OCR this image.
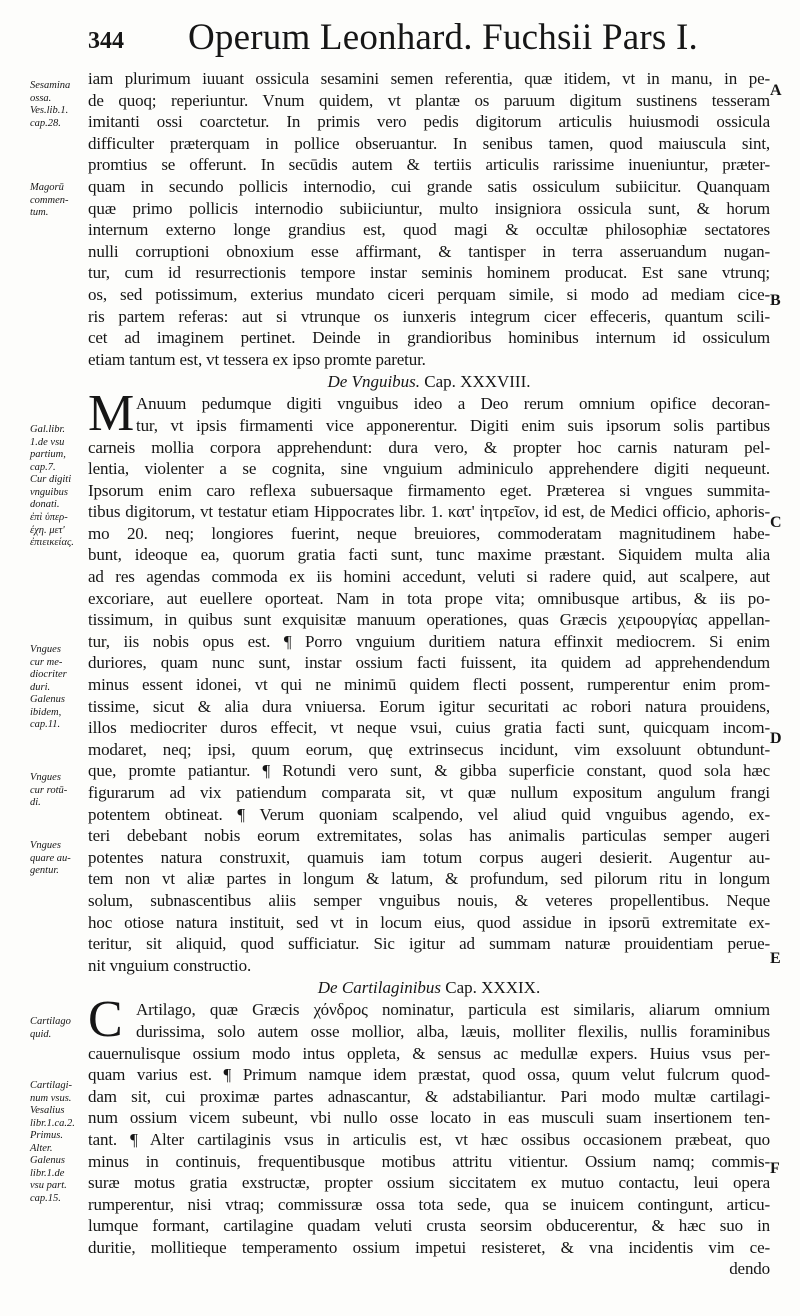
344 Operum Leonhard. Fuchsii Pars I.
Sesamina
ossa.
Ves.lib.1.
cap.28.
Magorū
commen-
tum.
Gal.libr.
1.de vsu
partium,
cap.7.
Cur digiti
vnguibus
donati.
ἐπὶ ὑπερ-
έχη. μετ'
ἐπιεικείας.
Vngues
cur me-
diocriter
duri.
Galenus
ibidem,
cap.11.
Vngues
cur rotū-
di.
Vngues
quare au-
gentur.
Cartilago
quid.
Cartilagi-
num vsus.
Vesalius
libr.1.ca.2.
Primus.
Alter.
Galenus
libr.1.de
vsu part.
cap.15.
A
B
C
D
E
F
iam plurimum iuuant ossicula sesamini semen referentia, quæ itidem, vt in manu, in pe-
de quoq; reperiuntur. Vnum quidem, vt plantæ os paruum digitum sustinens tesseram
imitanti ossi coarctetur. In primis vero pedis digitorum articulis huiusmodi ossicula
difficulter præterquam in pollice obseruantur. In senibus tamen, quod maiuscula sint,
promtius se offerunt. In secūdis autem & tertiis articulis rarissime inueniuntur, præter-
quam in secundo pollicis internodio, cui grande satis ossiculum subiicitur. Quanquam
quæ primo pollicis internodio subiiciuntur, multo insigniora ossicula sunt, & horum
internum externo longe grandius est, quod magi & occultæ philosophiæ sectatores
nulli corruptioni obnoxium esse affirmant, & tantisper in terra asseruandum nugan-
tur, cum id resurrectionis tempore instar seminis hominem producat. Est sane vtrunq;
os, sed potissimum, exterius mundato ciceri perquam simile, si modo ad mediam cice-
ris partem referas: aut si vtrunque os iunxeris integrum cicer effeceris, quantum scili-
cet ad imaginem pertinet. Deinde in grandioribus hominibus internum id ossiculum
etiam tantum est, vt tessera ex ipso promte paretur.
De Vnguibus. Cap. XXXVIII.
M Anuum pedumque digiti vnguibus ideo a Deo rerum omnium opifice decoran-
tur, vt ipsis firmamenti vice apponerentur. Digiti enim suis ipsorum solis partibus
carneis mollia corpora apprehendunt: dura vero, & propter hoc carnis naturam pel-
lentia, violenter a se cognita, sine vnguium adminiculo apprehendere digiti nequeunt.
Ipsorum enim caro reflexa subuersaque firmamento eget. Præterea si vngues summita-
tibus digitorum, vt testatur etiam Hippocrates libr. 1. κατ' ἰητρεῖον, id est, de Medici officio, aphoris-
mo 20. neq; longiores fuerint, neque breuiores, commoderatam magnitudinem habe-
bunt, ideoque ea, quorum gratia facti sunt, tunc maxime præstant. Siquidem multa alia
ad res agendas commoda ex iis homini accedunt, veluti si radere quid, aut scalpere, aut
excoriare, aut euellere oporteat. Nam in tota prope vita; omnibusque artibus, & iis po-
tissimum, in quibus sunt exquisitæ manuum operationes, quas Græcis χειρουργίας appellan-
tur, iis nobis opus est. ¶ Porro vnguium duritiem natura effinxit mediocrem. Si enim
duriores, quam nunc sunt, instar ossium facti fuissent, ita quidem ad apprehendendum
minus essent idonei, vt qui ne minimū quidem flecti possent, rumperentur enim prom-
tissime, sicut & alia dura vniuersa. Eorum igitur securitati ac robori natura prouidens,
illos mediocriter duros effecit, vt neque vsui, cuius gratia facti sunt, quicquam incom-
modaret, neq; ipsi, quum eorum, quę extrinsecus incidunt, vim exsoluunt obtundunt-
que, promte patiantur. ¶ Rotundi vero sunt, & gibba superficie constant, quod sola hæc
figurarum ad vix patiendum comparata sit, vt quæ nullum expositum angulum frangi
potentem obtineat. ¶ Verum quoniam scalpendo, vel aliud quid vnguibus agendo, ex-
teri debebant nobis eorum extremitates, solas has animalis particulas semper augeri
potentes natura construxit, quamuis iam totum corpus augeri desierit. Augentur au-
tem non vt aliæ partes in longum & latum, & profundum, sed pilorum ritu in longum
solum, subnascentibus aliis semper vnguibus nouis, & veteres propellentibus. Neque
hoc otiose natura instituit, sed vt in locum eius, quod assidue in ipsorū extremitate ex-
teritur, sit aliquid, quod sufficiatur. Sic igitur ad summam naturæ prouidentiam perue-
nit vnguium constructio.
De Cartilaginibus Cap. XXXIX.
C Artilago, quæ Græcis χόνδρος nominatur, particula est similaris, aliarum omnium
durissima, solo autem osse mollior, alba, læuis, molliter flexilis, nullis foraminibus
cauernulisque ossium modo intus oppleta, & sensus ac medullæ expers. Huius vsus per-
quam varius est. ¶ Primum namque idem præstat, quod ossa, quum velut fulcrum quod-
dam sit, cui proximæ partes adnascantur, & adstabiliantur. Pari modo multæ cartilagi-
num ossium vicem subeunt, vbi nullo osse locato in eas musculi suam insertionem ten-
tant. ¶ Alter cartilaginis vsus in articulis est, vt hæc ossibus occasionem præbeat, quo
minus in continuis, frequentibusque motibus attritu vitientur. Ossium namq; commis-
suræ motus gratia exstructæ, propter ossium siccitatem ex mutuo contactu, leui opera
rumperentur, nisi vtraq; commissuræ ossa tota sede, qua se inuicem contingunt, articu-
lumque formant, cartilagine quadam veluti crusta seorsim obducerentur, & hæc suo in
duritie, mollitieque temperamento ossium impetui resisteret, & vna incidentis vim ce-
dendo
